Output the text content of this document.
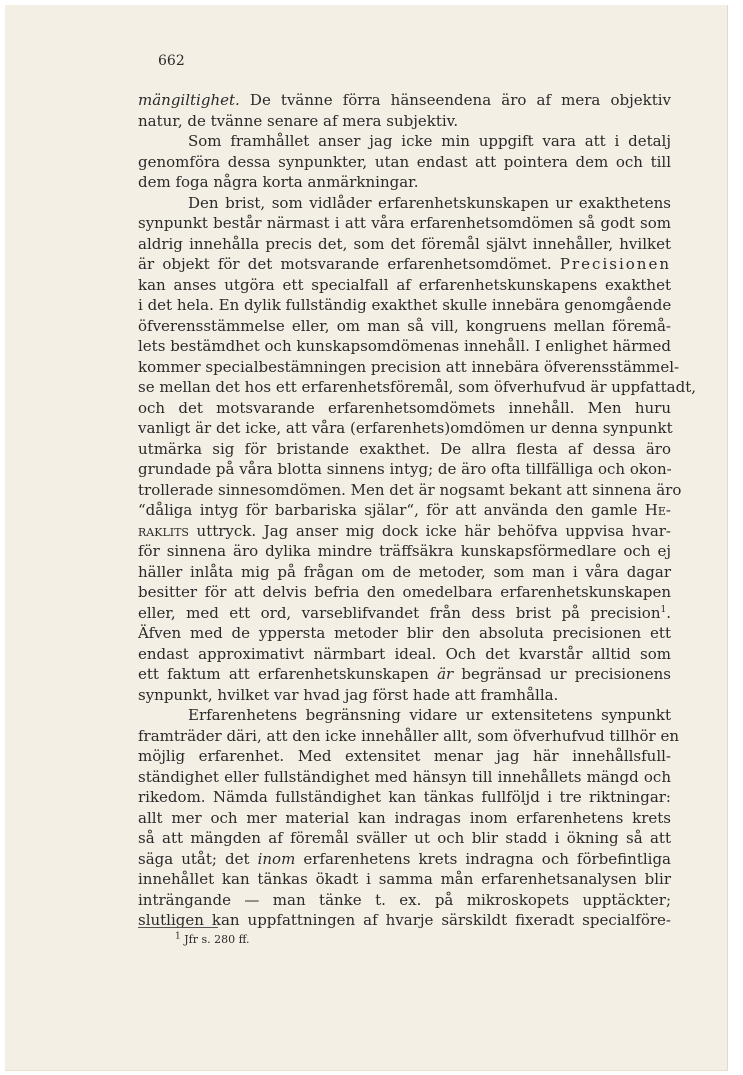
662
mängiltighet. De tvänne förra hänseendena äro af mera objektiv
natur, de tvänne senare af mera subjektiv.
Som framhållet anser jag icke min uppgift vara att i detalj
genomföra dessa synpunkter, utan endast att pointera dem och till
dem foga några korta anmärkningar.
Den brist, som vidlåder erfarenhetskunskapen ur exakthetens
synpunkt består närmast i att våra erfarenhetsomdömen så godt som
aldrig innehålla precis det, som det föremål självt innehåller, hvilket
är objekt för det motsvarande erfarenhetsomdömet. Precisionen
kan anses utgöra ett specialfall af erfarenhetskunskapens exakthet
i det hela. En dylik fullständig exakthet skulle innebära genomgående
öfverensstämmelse eller, om man så vill, kongruens mellan föremå-
lets bestämdhet och kunskapsomdömenas innehåll. I enlighet härmed
kommer specialbestämningen precision att innebära öfverensstämmel-
se mellan det hos ett erfarenhetsföremål, som öfverhufvud är uppfattadt,
och det motsvarande erfarenhetsomdömets innehåll. Men huru
vanligt är det icke, att våra (erfarenhets)omdömen ur denna synpunkt
utmärka sig för bristande exakthet. De allra flesta af dessa äro
grundade på våra blotta sinnens intyg; de äro ofta tillfälliga och okon-
trollerade sinnesomdömen. Men det är nogsamt bekant att sinnena äro
“dåliga intyg för barbariska själar“, för att använda den gamle He-
raklits uttryck. Jag anser mig dock icke här behöfva uppvisa hvar-
för sinnena äro dylika mindre träffsäkra kunskapsförmedlare och ej
häller inlåta mig på frågan om de metoder, som man i våra dagar
besitter för att delvis befria den omedelbara erfarenhetskunskapen
eller, med ett ord, varseblifvandet från dess brist på precision$^1$.
Äfven med de yppersta metoder blir den absoluta precisionen ett
endast approximativt närmbart ideal. Och det kvarstår alltid som
ett faktum att erfarenhetskunskapen är begränsad ur precisionens
synpunkt, hvilket var hvad jag först hade att framhålla.
Erfarenhetens begränsning vidare ur extensitetens synpunkt
framträder däri, att den icke innehåller allt, som öfverhufvud tillhör en
möjlig erfarenhet. Med extensitet menar jag här innehållsfull-
ständighet eller fullständighet med hänsyn till innehållets mängd och
rikedom. Nämda fullständighet kan tänkas fullföljd i tre riktningar:
allt mer och mer material kan indragas inom erfarenhetens krets
så att mängden af föremål sväller ut och blir stadd i ökning så att
säga utåt; det inom erfarenhetens krets indragna och förbefintliga
innehållet kan tänkas ökadt i samma mån erfarenhetsanalysen blir
inträngande — man tänke t. ex. på mikroskopets upptäckter;
slutligen kan uppfattningen af hvarje särskildt fixeradt specialföre-
$^1$ Jfr s. 280 ff.
